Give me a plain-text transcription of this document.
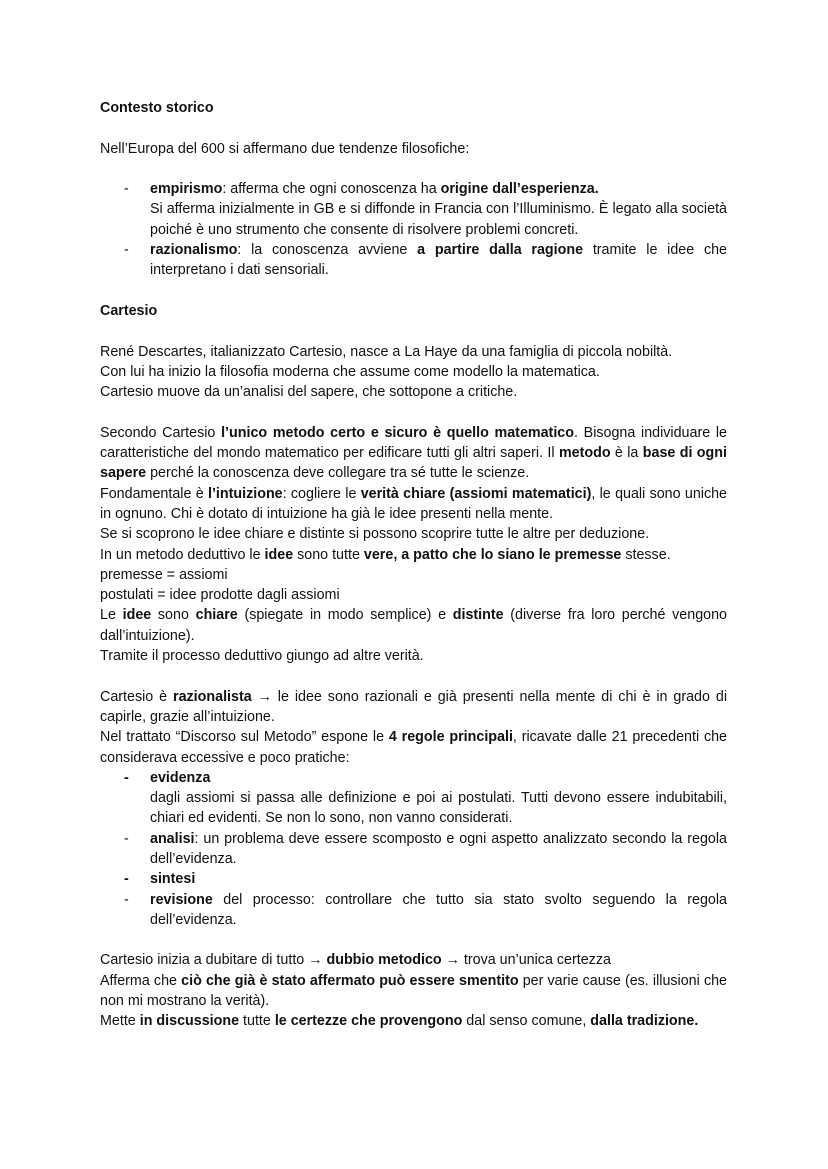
Contesto storico

Nell’Europa del 600 si affermano due tendenze filosofiche:

- empirismo: afferma che ogni conoscenza ha origine dall’esperienza.

Si afferma inizialmente in GB e si diffonde in Francia con l’Illuminismo. È legato alla società poiché è uno strumento che consente di risolvere problemi concreti.

- razionalismo: la conoscenza avviene a partire dalla ragione tramite le idee che interpretano i dati sensoriali.

Cartesio

René Descartes, italianizzato Cartesio, nasce a La Haye da una famiglia di piccola nobiltà.

Con lui ha inizio la filosofia moderna che assume come modello la matematica.

Cartesio muove da un’analisi del sapere, che sottopone a critiche.

Secondo Cartesio l’unico metodo certo e sicuro è quello matematico. Bisogna individuare le caratteristiche del mondo matematico per edificare tutti gli altri saperi. Il metodo è la base di ogni sapere perché la conoscenza deve collegare tra sé tutte le scienze.

Fondamentale è l’intuizione: cogliere le verità chiare (assiomi matematici), le quali sono uniche in ognuno. Chi è dotato di intuizione ha già le idee presenti nella mente.

Se si scoprono le idee chiare e distinte si possono scoprire tutte le altre per deduzione.

In un metodo deduttivo le idee sono tutte vere, a patto che lo siano le premesse stesse.

premesse = assiomi

postulati = idee prodotte dagli assiomi

Le idee sono chiare (spiegate in modo semplice) e distinte (diverse fra loro perché vengono dall’intuizione).

Tramite il processo deduttivo giungo ad altre verità.

Cartesio è razionalista → le idee sono razionali e già presenti nella mente di chi è in grado di capirle, grazie all’intuizione.

Nel trattato “Discorso sul Metodo” espone le 4 regole principali, ricavate dalle 21 precedenti che considerava eccessive e poco pratiche:

- evidenza

dagli assiomi si passa alle definizione e poi ai postulati. Tutti devono essere indubitabili, chiari ed evidenti. Se non lo sono, non vanno considerati.

- analisi: un problema deve essere scomposto e ogni aspetto analizzato secondo la regola dell’evidenza.

- sintesi

- revisione del processo: controllare che tutto sia stato svolto seguendo la regola dell’evidenza.

Cartesio inizia a dubitare di tutto → dubbio metodico → trova un’unica certezza

Afferma che ciò che già è stato affermato può essere smentito per varie cause (es. illusioni che non mi mostrano la verità).

Mette in discussione tutte le certezze che provengono dal senso comune, dalla tradizione.
